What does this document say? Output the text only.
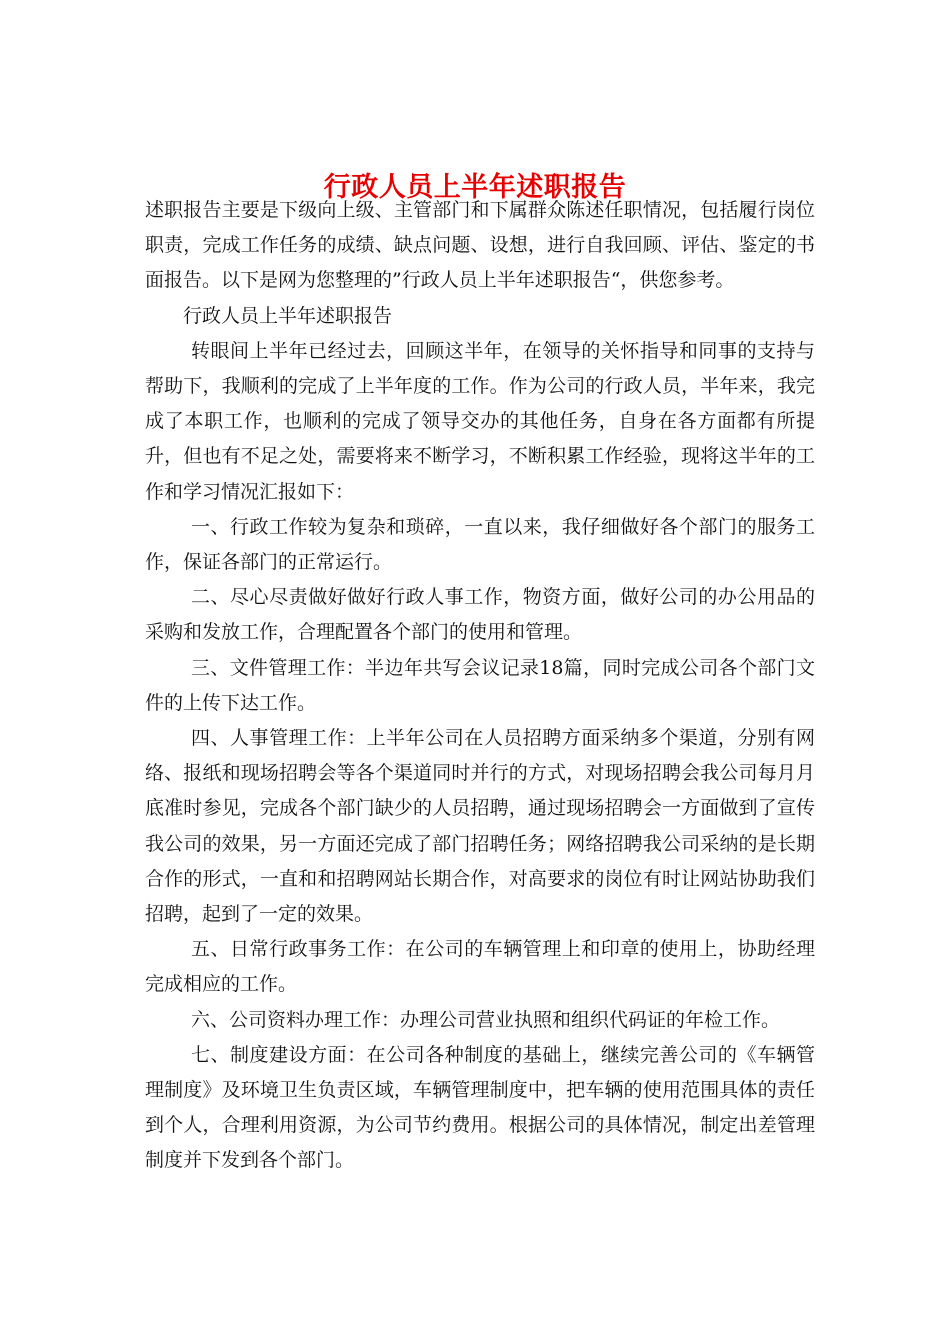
行政人员上半年述职报告

述职报告主要是下级向上级、主管部门和下属群众陈述任职情况，包括履行岗位职责，完成工作任务的成绩、缺点问题、设想，进行自我回顾、评估、鉴定的书面报告。以下是网为您整理的”行政人员上半年述职报告“，供您参考。

行政人员上半年述职报告

转眼间上半年已经过去，回顾这半年，在领导的关怀指导和同事的支持与帮助下，我顺利的完成了上半年度的工作。作为公司的行政人员，半年来，我完成了本职工作，也顺利的完成了领导交办的其他任务，自身在各方面都有所提升，但也有不足之处，需要将来不断学习，不断积累工作经验，现将这半年的工作和学习情况汇报如下：

一、行政工作较为复杂和琐碎，一直以来，我仔细做好各个部门的服务工作，保证各部门的正常运行。

二、尽心尽责做好做好行政人事工作，物资方面，做好公司的办公用品的采购和发放工作，合理配置各个部门的使用和管理。

三、文件管理工作：半边年共写会议记录18篇，同时完成公司各个部门文件的上传下达工作。

四、人事管理工作：上半年公司在人员招聘方面采纳多个渠道，分别有网络、报纸和现场招聘会等各个渠道同时并行的方式，对现场招聘会我公司每月月底准时参见，完成各个部门缺少的人员招聘，通过现场招聘会一方面做到了宣传我公司的效果，另一方面还完成了部门招聘任务；网络招聘我公司采纳的是长期合作的形式，一直和和招聘网站长期合作，对高要求的岗位有时让网站协助我们招聘，起到了一定的效果。

五、日常行政事务工作：在公司的车辆管理上和印章的使用上，协助经理完成相应的工作。

六、公司资料办理工作：办理公司营业执照和组织代码证的年检工作。

七、制度建设方面：在公司各种制度的基础上，继续完善公司的《车辆管理制度》及环境卫生负责区域，车辆管理制度中，把车辆的使用范围具体的责任到个人，合理利用资源，为公司节约费用。根据公司的具体情况，制定出差管理制度并下发到各个部门。
